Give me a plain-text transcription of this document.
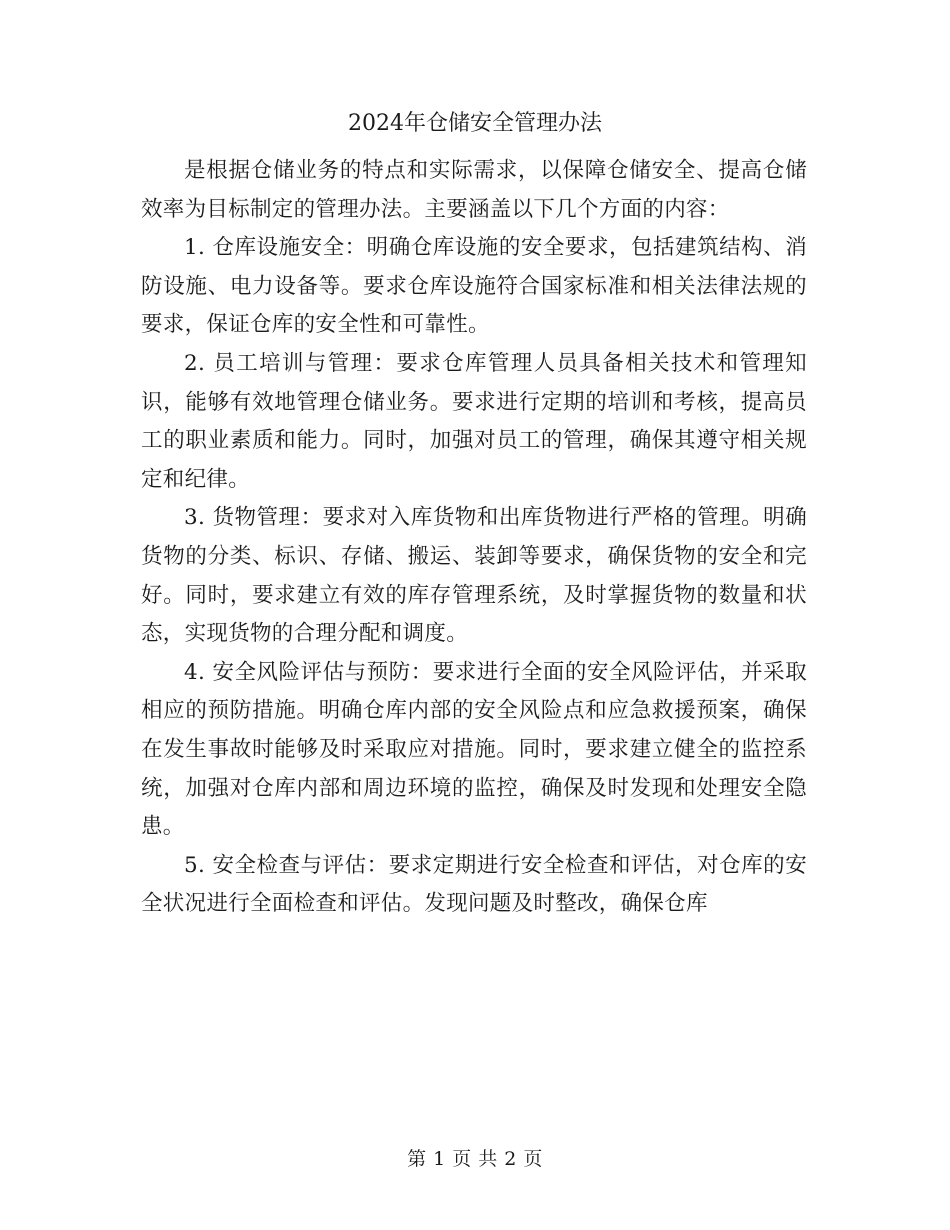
2024年仓储安全管理办法

是根据仓储业务的特点和实际需求，以保障仓储安全、提高仓储效率为目标制定的管理办法。主要涵盖以下几个方面的内容：

1. 仓库设施安全：明确仓库设施的安全要求，包括建筑结构、消防设施、电力设备等。要求仓库设施符合国家标准和相关法律法规的要求，保证仓库的安全性和可靠性。

2. 员工培训与管理：要求仓库管理人员具备相关技术和管理知识，能够有效地管理仓储业务。要求进行定期的培训和考核，提高员工的职业素质和能力。同时，加强对员工的管理，确保其遵守相关规定和纪律。

3. 货物管理：要求对入库货物和出库货物进行严格的管理。明确货物的分类、标识、存储、搬运、装卸等要求，确保货物的安全和完好。同时，要求建立有效的库存管理系统，及时掌握货物的数量和状态，实现货物的合理分配和调度。

4. 安全风险评估与预防：要求进行全面的安全风险评估，并采取相应的预防措施。明确仓库内部的安全风险点和应急救援预案，确保在发生事故时能够及时采取应对措施。同时，要求建立健全的监控系统，加强对仓库内部和周边环境的监控，确保及时发现和处理安全隐患。

5. 安全检查与评估：要求定期进行安全检查和评估，对仓库的安全状况进行全面检查和评估。发现问题及时整改，确保仓库

第 1 页 共 2 页
